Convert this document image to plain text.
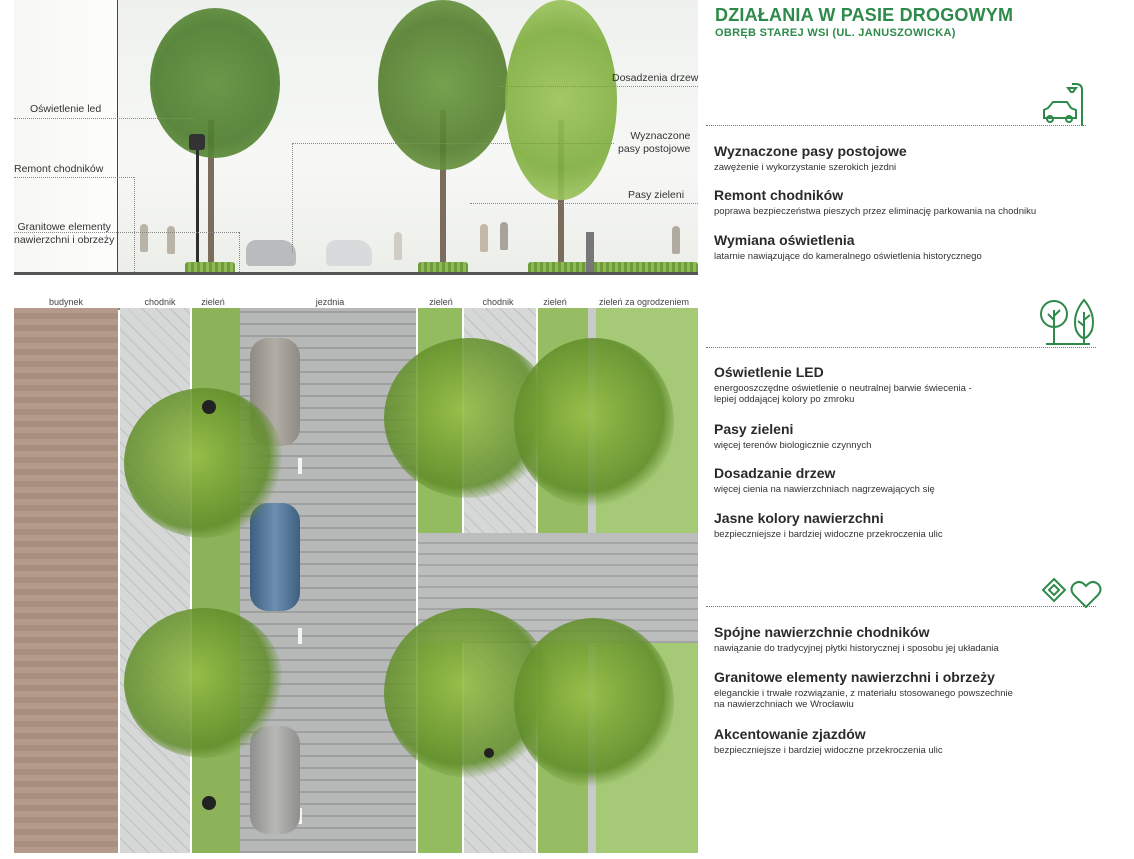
Oświetlenie led
Remont chodników
Granitowe elementy
nawierzchni i obrzeży
Dosadzenia drzew
Wyznaczone
pasy postojowe
Pasy zieleni
budynek	chodnik	zieleń	jezdnia	zieleń	chodnik	zieleń	zieleń za ogrodzeniem
DZIAŁANIA W PASIE DROGOWYM
OBRĘB STAREJ WSI (UL. JANUSZOWICKA)
Wyznaczone pasy postojowe
zawężenie i wykorzystanie szerokich jezdni
Remont chodników
poprawa bezpieczeństwa pieszych przez eliminację parkowania na chodniku
Wymiana oświetlenia
latarnie nawiązujące do kameralnego oświetlenia historycznego
Oświetlenie LED
energooszczędne oświetlenie o neutralnej barwie świecenia -
lepiej oddającej kolory po zmroku
Pasy zieleni
więcej terenów biologicznie czynnych
Dosadzanie drzew
więcej cienia na nawierzchniach nagrzewających się
Jasne kolory nawierzchni
bezpieczniejsze i bardziej widoczne przekroczenia ulic
Spójne nawierzchnie chodników
nawiązanie do tradycyjnej płytki historycznej i sposobu jej układania
Granitowe elementy nawierzchni i obrzeży
eleganckie i trwałe rozwiązanie, z materiału stosowanego powszechnie
na nawierzchniach we Wrocławiu
Akcentowanie zjazdów
bezpieczniejsze i bardziej widoczne przekroczenia ulic
